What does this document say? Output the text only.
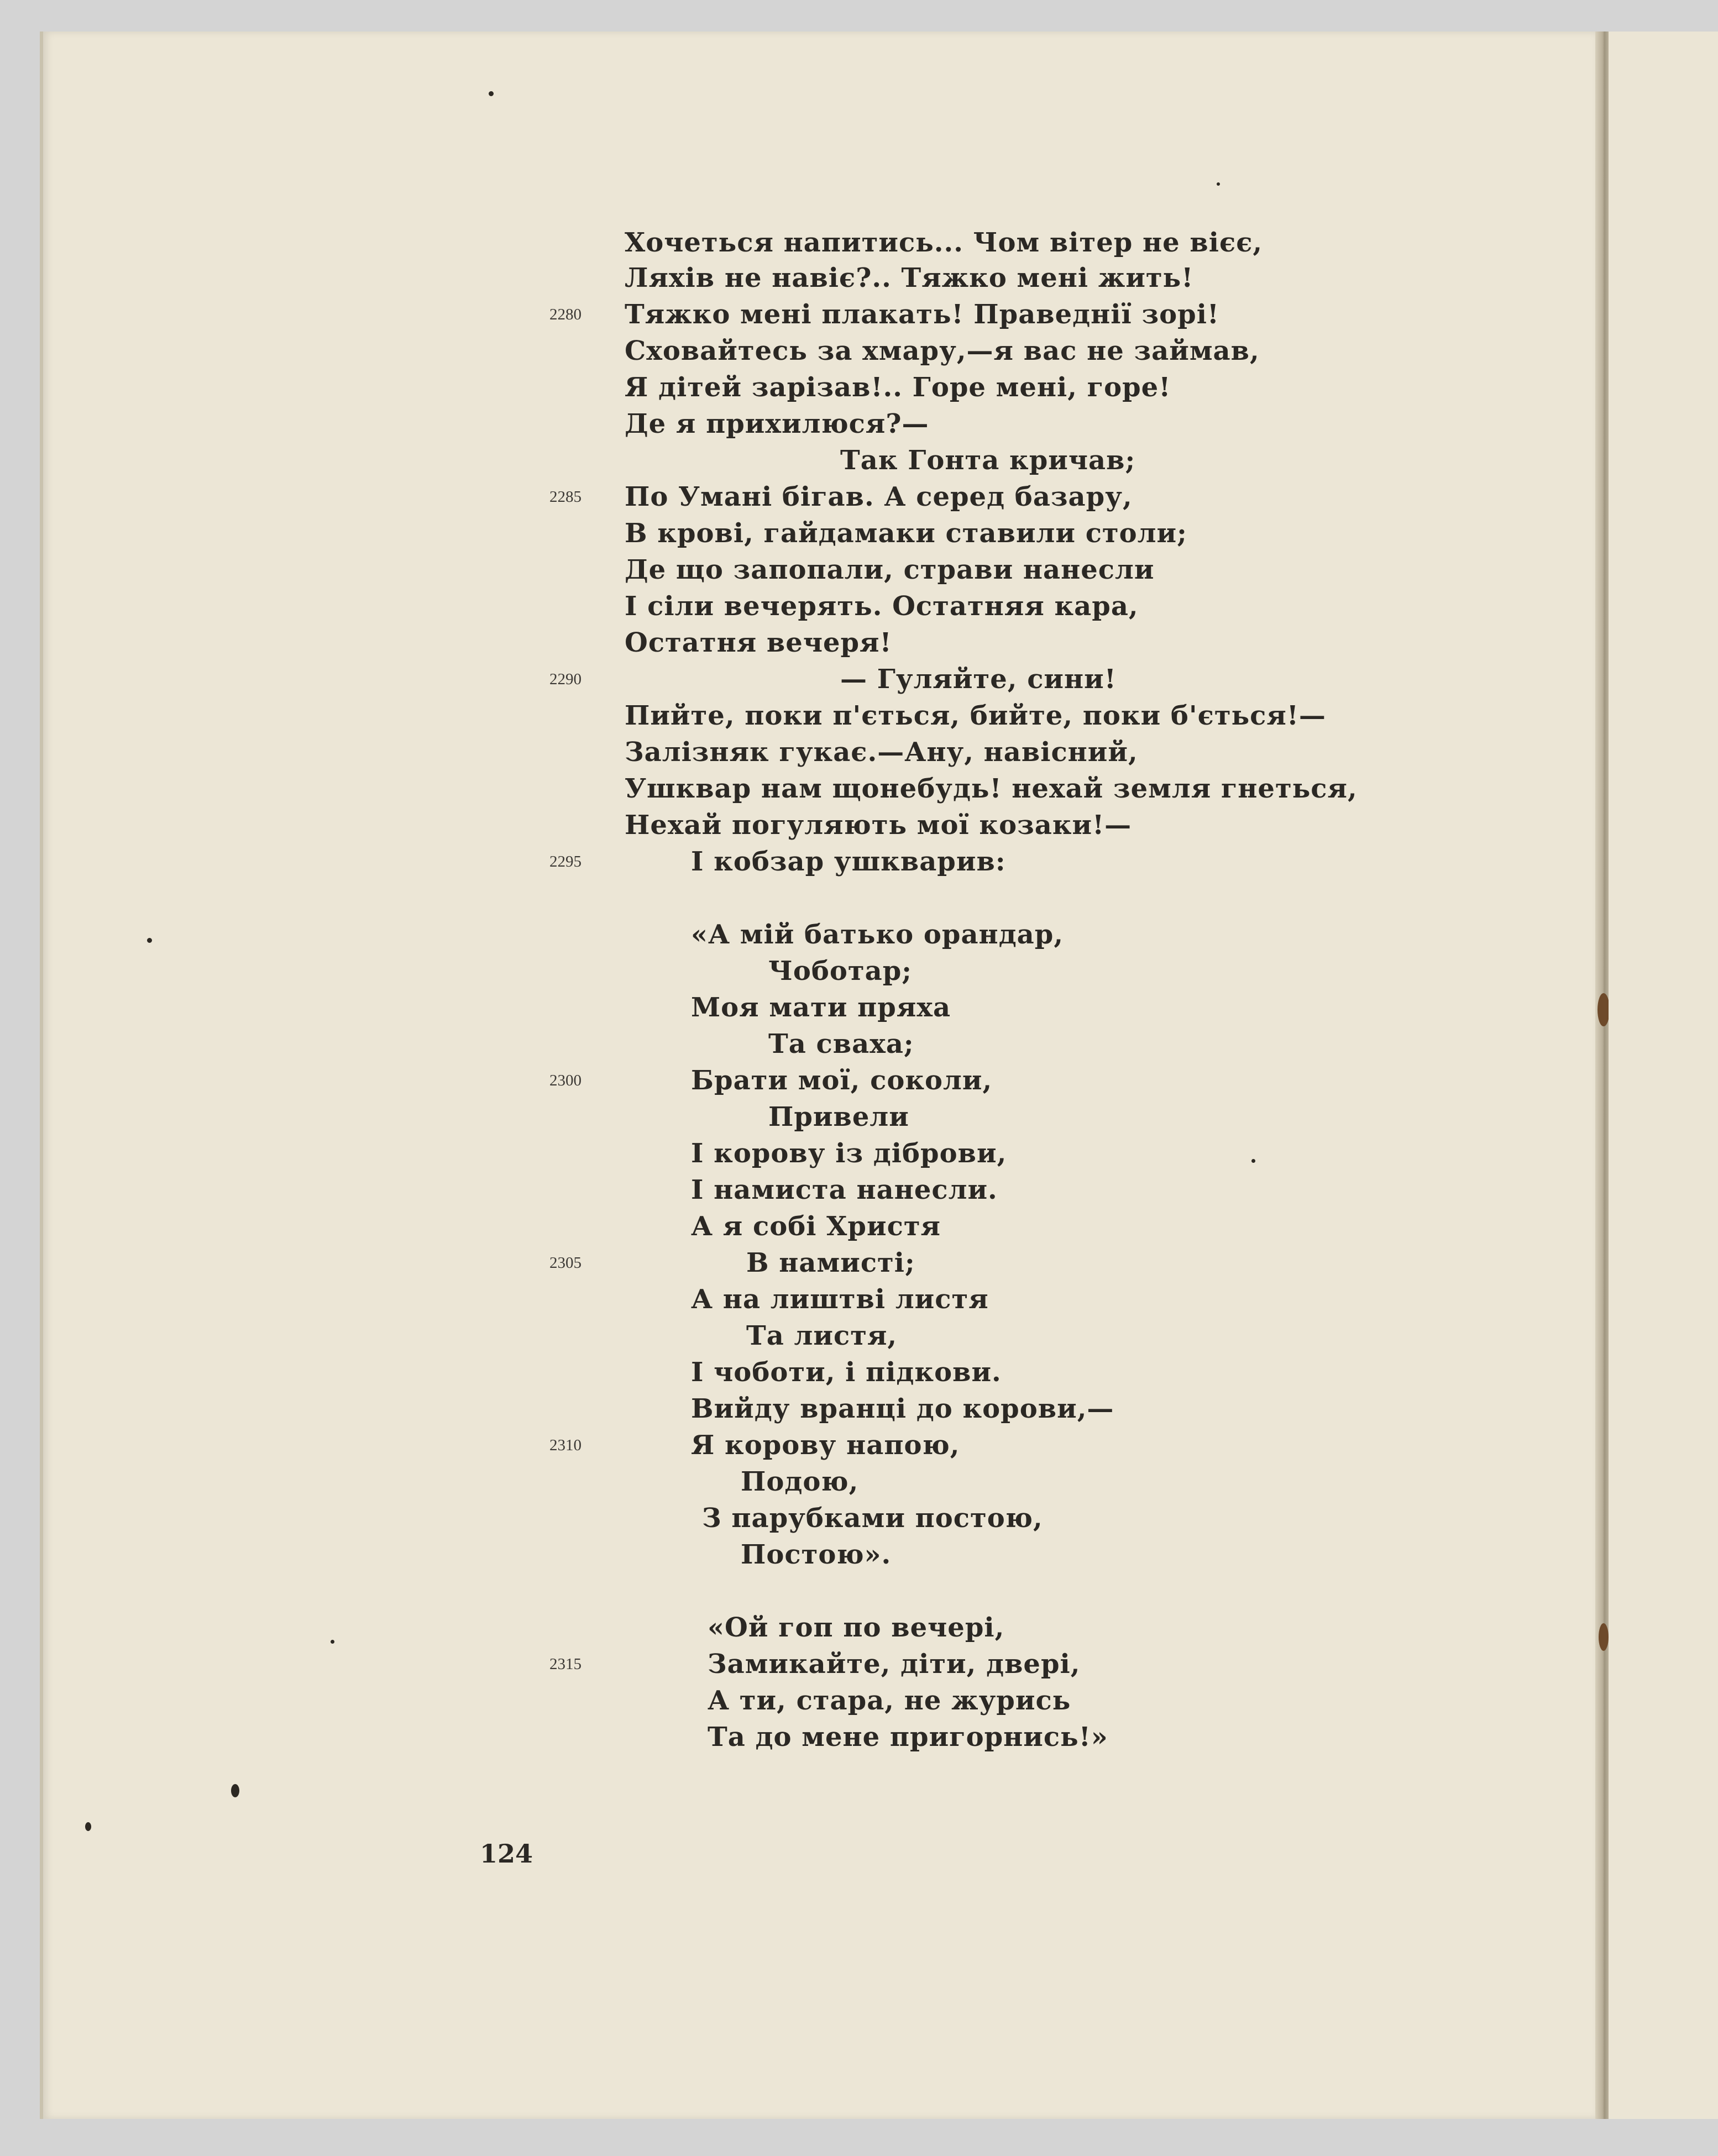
Хочеться напитись... Чом вітер не вієє,

Ляхів не навіє?.. Тяжко мені жить!

Тяжко мені плакать! Праведнії зорі!

Сховайтесь за хмару,—я вас не займав,

Я дітей зарізав!.. Горе мені, горе!

Де я прихилюся?—

Так Гонта кричав;

По Умані бігав. А серед базару,

В крові, гайдамаки ставили столи;

Де що запопали, страви нанесли

І сіли вечерять. Остатняя кара,

Остатня вечеря!

— Гуляйте, сини!

Пийте, поки п'ється, бийте, поки б'ється!—

Залізняк гукає.—Ану, навісний,

Ушквар нам щонебудь! нехай земля гнеться,

Нехай погуляють мої козаки!—

І кобзар ушкварив:

«А мій батько орандар,

Чоботар;

Моя мати пряха

Та сваха;

Брати мої, соколи,

Привели

І корову із діброви,

І намиста нанесли.

А я собі Христя

В намисті;

А на лиштві листя

Та листя,

І чоботи, і підкови.

Вийду вранці до корови,—

Я корову напою,

Подою,

З парубками постою,

Постою».

«Ой гоп по вечері,

Замикайте, діти, двері,

А ти, стара, не журись

Та до мене пригорнись!»

2280
2285
2290
2295
2300
2305
2310
2315
124
